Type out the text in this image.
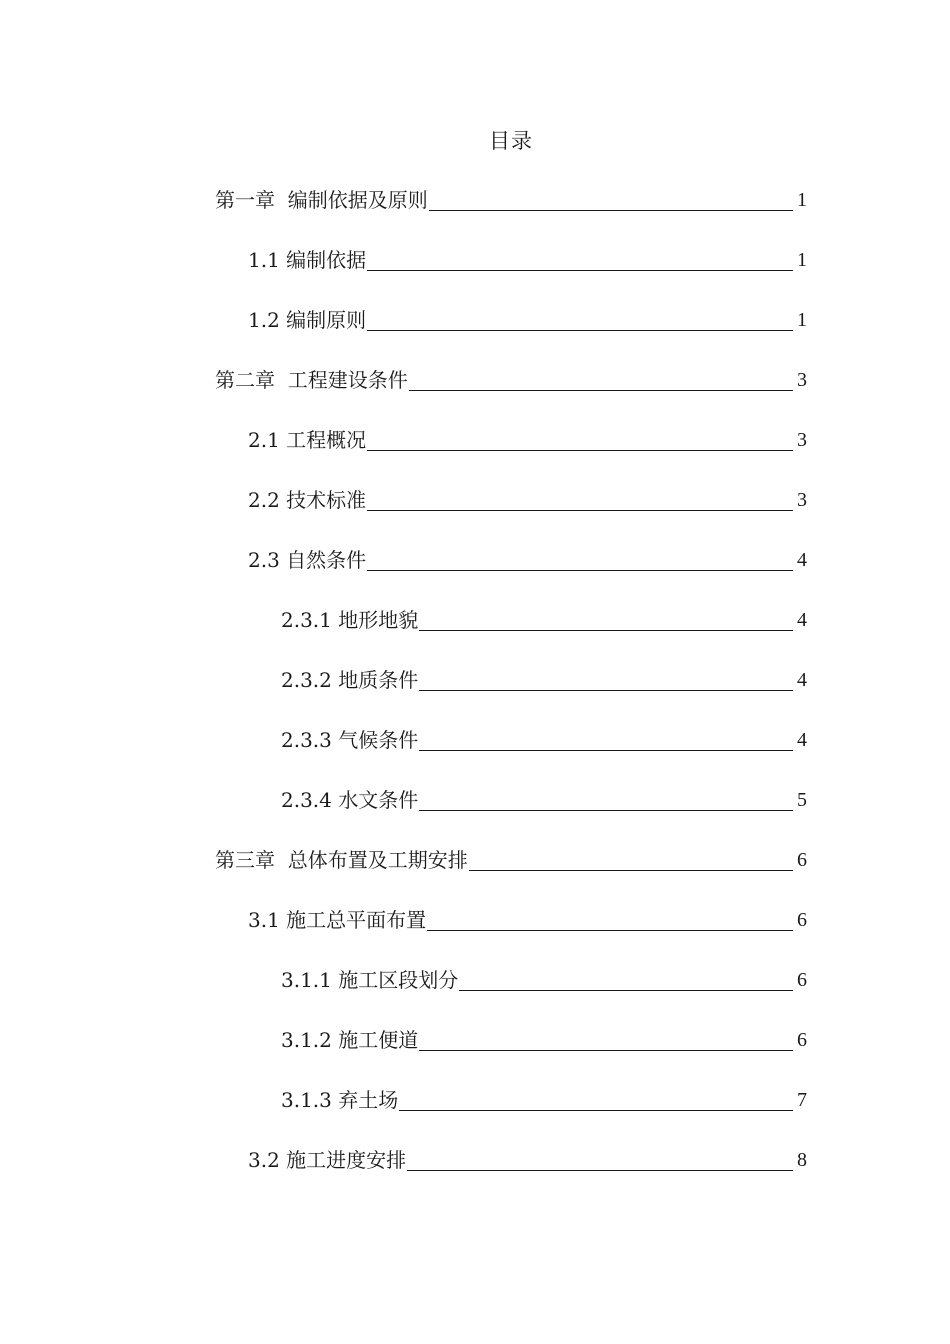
目录
第一章  编制依据及原则	1
1.1 编制依据	1
1.2 编制原则	1
第二章  工程建设条件	3
2.1 工程概况	3
2.2 技术标准	3
2.3 自然条件	4
2.3.1 地形地貌	4
2.3.2 地质条件	4
2.3.3 气候条件	4
2.3.4 水文条件	5
第三章  总体布置及工期安排	6
3.1 施工总平面布置	6
3.1.1 施工区段划分	6
3.1.2 施工便道	6
3.1.3 弃土场	7
3.2 施工进度安排	8
